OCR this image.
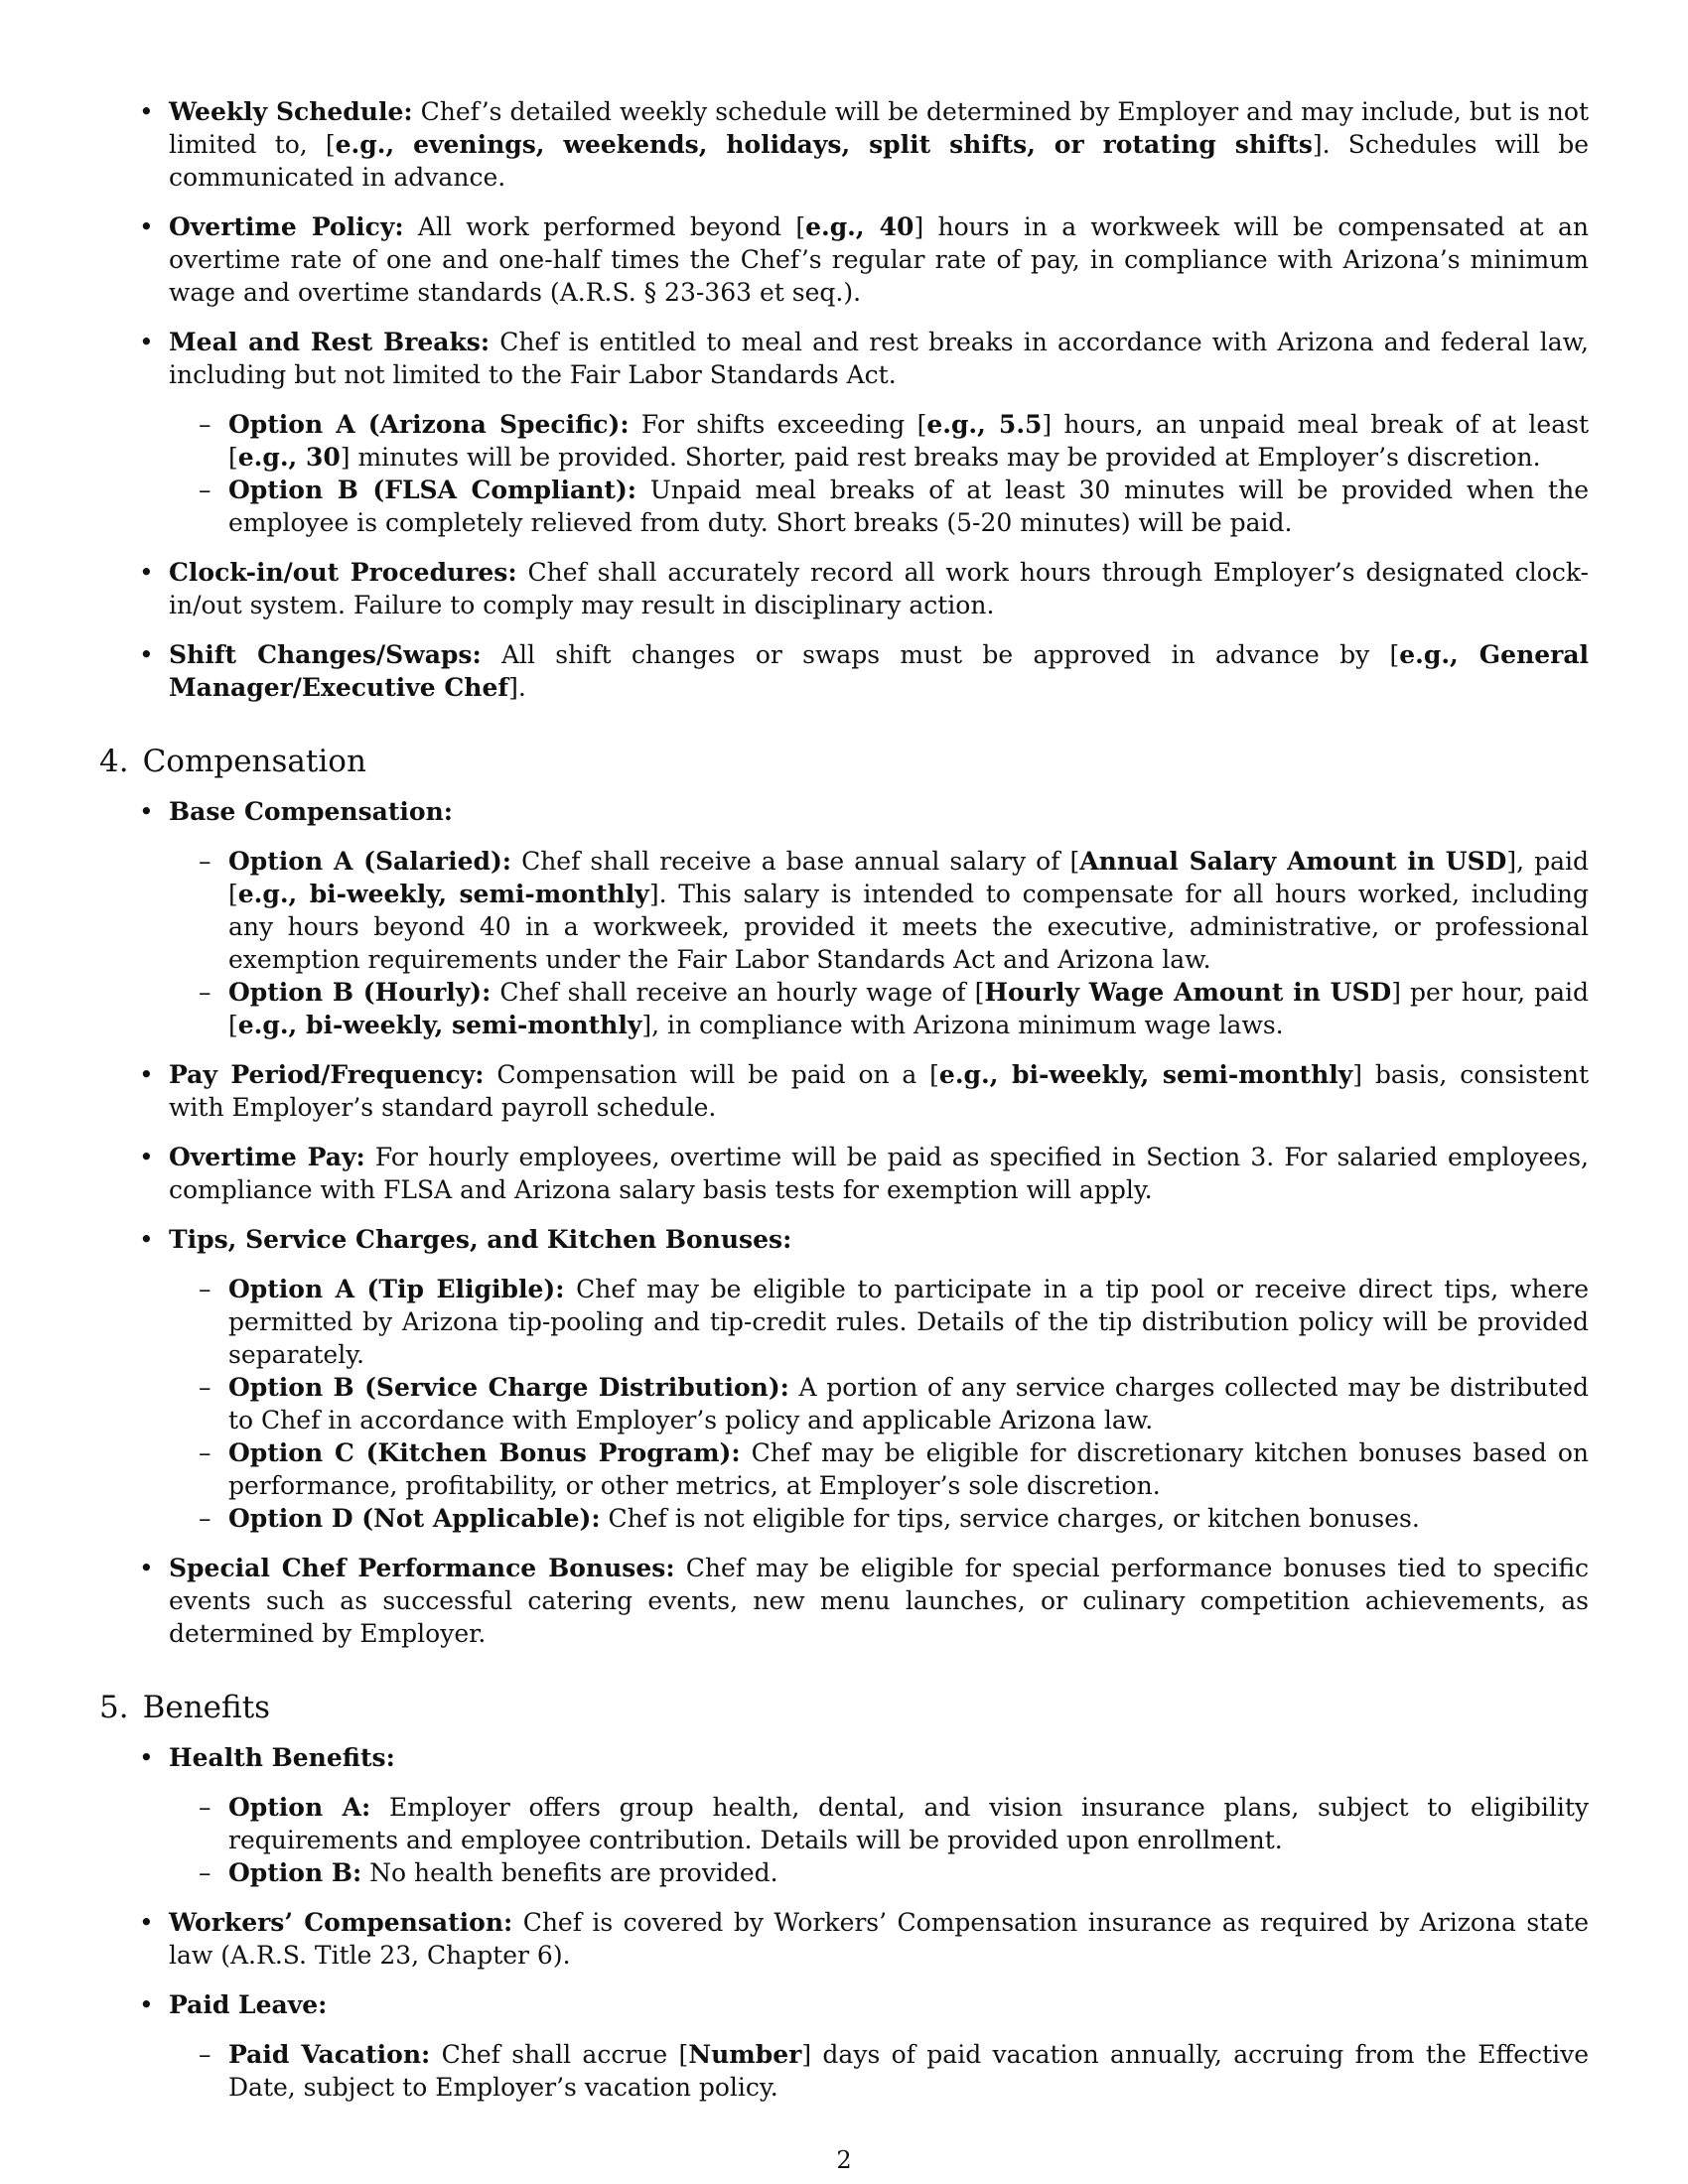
• Weekly Schedule: Chef’s detailed weekly schedule will be determined by Employer and may include, but is not limited to, [e.g., evenings, weekends, holidays, split shifts, or rotating shifts]. Schedules will be communicated in advance.
• Overtime Policy: All work performed beyond [e.g., 40] hours in a workweek will be compensated at an overtime rate of one and one-half times the Chef’s regular rate of pay, in compliance with Arizona’s minimum wage and overtime standards (A.R.S. § 23-363 et seq.).
• Meal and Rest Breaks: Chef is entitled to meal and rest breaks in accordance with Arizona and federal law, including but not limited to the Fair Labor Standards Act.
– Option A (Arizona Specific): For shifts exceeding [e.g., 5.5] hours, an unpaid meal break of at least [e.g., 30] minutes will be provided. Shorter, paid rest breaks may be provided at Employer’s discretion.
– Option B (FLSA Compliant): Unpaid meal breaks of at least 30 minutes will be provided when the employee is completely relieved from duty. Short breaks (5-20 minutes) will be paid.
• Clock-in/out Procedures: Chef shall accurately record all work hours through Employer’s designated clock-in/out system. Failure to comply may result in disciplinary action.
• Shift Changes/Swaps: All shift changes or swaps must be approved in advance by [e.g., General Manager/Executive Chef].
4. Compensation
• Base Compensation:
– Option A (Salaried): Chef shall receive a base annual salary of [Annual Salary Amount in USD], paid [e.g., bi-weekly, semi-monthly]. This salary is intended to compensate for all hours worked, including any hours beyond 40 in a workweek, provided it meets the executive, administrative, or professional exemption requirements under the Fair Labor Standards Act and Arizona law.
– Option B (Hourly): Chef shall receive an hourly wage of [Hourly Wage Amount in USD] per hour, paid [e.g., bi-weekly, semi-monthly], in compliance with Arizona minimum wage laws.
• Pay Period/Frequency: Compensation will be paid on a [e.g., bi-weekly, semi-monthly] basis, consistent with Employer’s standard payroll schedule.
• Overtime Pay: For hourly employees, overtime will be paid as specified in Section 3. For salaried employees, compliance with FLSA and Arizona salary basis tests for exemption will apply.
• Tips, Service Charges, and Kitchen Bonuses:
– Option A (Tip Eligible): Chef may be eligible to participate in a tip pool or receive direct tips, where permitted by Arizona tip-pooling and tip-credit rules. Details of the tip distribution policy will be provided separately.
– Option B (Service Charge Distribution): A portion of any service charges collected may be distributed to Chef in accordance with Employer’s policy and applicable Arizona law.
– Option C (Kitchen Bonus Program): Chef may be eligible for discretionary kitchen bonuses based on performance, profitability, or other metrics, at Employer’s sole discretion.
– Option D (Not Applicable): Chef is not eligible for tips, service charges, or kitchen bonuses.
• Special Chef Performance Bonuses: Chef may be eligible for special performance bonuses tied to specific events such as successful catering events, new menu launches, or culinary competition achievements, as determined by Employer.
5. Benefits
• Health Benefits:
– Option A: Employer offers group health, dental, and vision insurance plans, subject to eligibility requirements and employee contribution. Details will be provided upon enrollment.
– Option B: No health benefits are provided.
• Workers’ Compensation: Chef is covered by Workers’ Compensation insurance as required by Arizona state law (A.R.S. Title 23, Chapter 6).
• Paid Leave:
– Paid Vacation: Chef shall accrue [Number] days of paid vacation annually, accruing from the Effective Date, subject to Employer’s vacation policy.
2
